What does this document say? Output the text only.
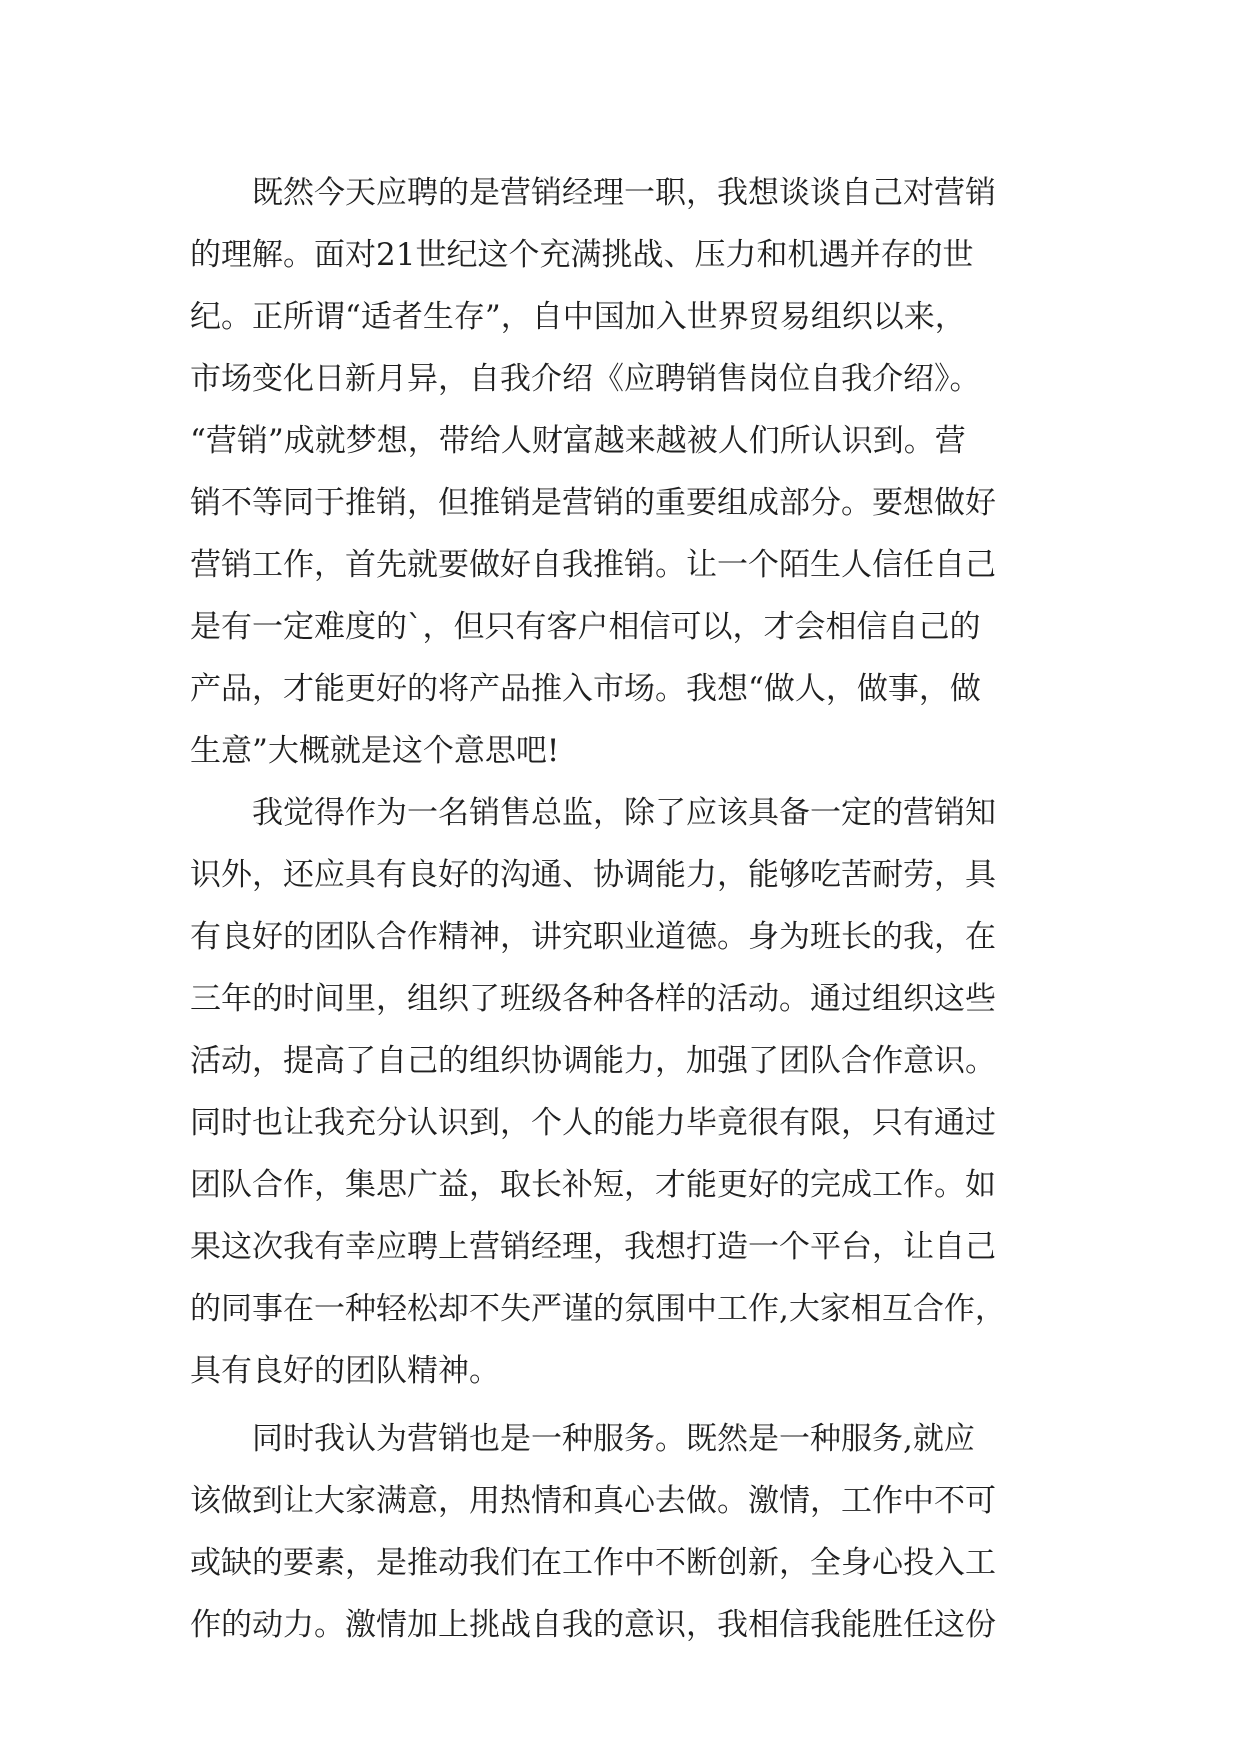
　　既然今天应聘的是营销经理一职，我想谈谈自己对营销
的理解。面对21世纪这个充满挑战、压力和机遇并存的世
纪。正所谓“适者生存”，自中国加入世界贸易组织以来，
市场变化日新月异，自我介绍《应聘销售岗位自我介绍》。
“营销”成就梦想，带给人财富越来越被人们所认识到。营
销不等同于推销，但推销是营销的重要组成部分。要想做好
营销工作，首先就要做好自我推销。让一个陌生人信任自己
是有一定难度的`，但只有客户相信可以，才会相信自己的
产品，才能更好的将产品推入市场。我想“做人，做事，做
生意”大概就是这个意思吧!
　　我觉得作为一名销售总监，除了应该具备一定的营销知
识外，还应具有良好的沟通、协调能力，能够吃苦耐劳，具
有良好的团队合作精神，讲究职业道德。身为班长的我，在
三年的时间里，组织了班级各种各样的活动。通过组织这些
活动，提高了自己的组织协调能力，加强了团队合作意识。
同时也让我充分认识到，个人的能力毕竟很有限，只有通过
团队合作，集思广益，取长补短，才能更好的完成工作。如
果这次我有幸应聘上营销经理，我想打造一个平台，让自己
的同事在一种轻松却不失严谨的氛围中工作,大家相互合作，
具有良好的团队精神。
　　同时我认为营销也是一种服务。既然是一种服务,就应
该做到让大家满意，用热情和真心去做。激情，工作中不可
或缺的要素，是推动我们在工作中不断创新，全身心投入工
作的动力。激情加上挑战自我的意识，我相信我能胜任这份
